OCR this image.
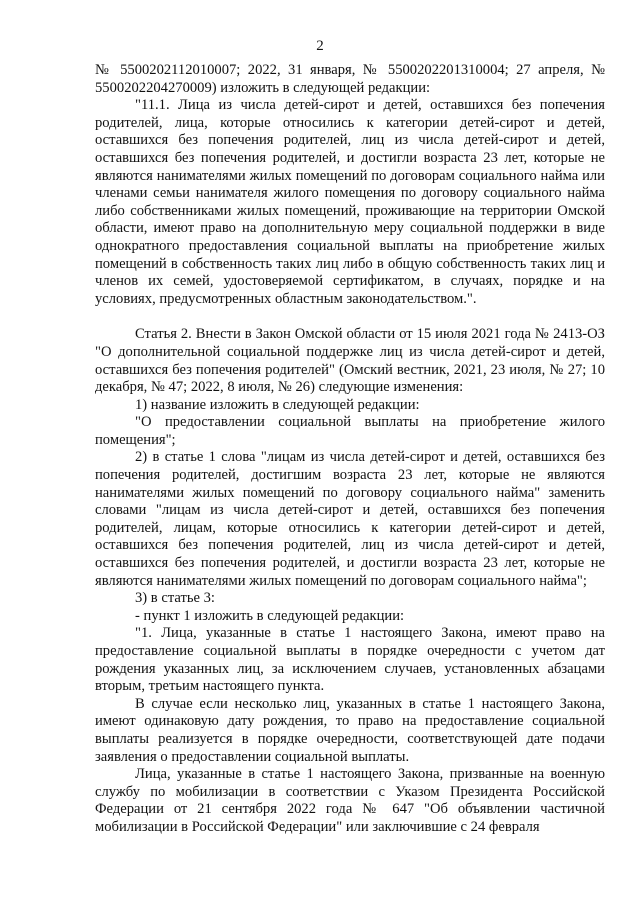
2

№ 5500202112010007; 2022, 31 января, № 5500202201310004; 27 апреля, № 5500202204270009) изложить в следующей редакции:

"11.1. Лица из числа детей-сирот и детей, оставшихся без попечения родителей, лица, которые относились к категории детей-сирот и детей, оставшихся без попечения родителей, лиц из числа детей-сирот и детей, оставшихся без попечения родителей, и достигли возраста 23 лет, которые не являются нанимателями жилых помещений по договорам социального найма или членами семьи нанимателя жилого помещения по договору социального найма либо собственниками жилых помещений, проживающие на территории Омской области, имеют право на дополнительную меру социальной поддержки в виде однократного предоставления социальной выплаты на приобретение жилых помещений в собственность таких лиц либо в общую собственность таких лиц и членов их семей, удостоверяемой сертификатом, в случаях, порядке и на условиях, предусмотренных областным законодательством.".

Статья 2. Внести в Закон Омской области от 15 июля 2021 года № 2413-ОЗ "О дополнительной социальной поддержке лиц из числа детей-сирот и детей, оставшихся без попечения родителей" (Омский вестник, 2021, 23 июля, № 27; 10 декабря, № 47; 2022, 8 июля, № 26) следующие изменения:

1) название изложить в следующей редакции:

"О предоставлении социальной выплаты на приобретение жилого помещения";

2) в статье 1 слова "лицам из числа детей-сирот и детей, оставшихся без попечения родителей, достигшим возраста 23 лет, которые не являются нанимателями жилых помещений по договору социального найма" заменить словами "лицам из числа детей-сирот и детей, оставшихся без попечения родителей, лицам, которые относились к категории детей-сирот и детей, оставшихся без попечения родителей, лиц из числа детей-сирот и детей, оставшихся без попечения родителей, и достигли возраста 23 лет, которые не являются нанимателями жилых помещений по договорам социального найма";

3) в статье 3:

- пункт 1 изложить в следующей редакции:

"1. Лица, указанные в статье 1 настоящего Закона, имеют право на предоставление социальной выплаты в порядке очередности с учетом дат рождения указанных лиц, за исключением случаев, установленных абзацами вторым, третьим настоящего пункта.

В случае если несколько лиц, указанных в статье 1 настоящего Закона, имеют одинаковую дату рождения, то право на предоставление социальной выплаты реализуется в порядке очередности, соответствующей дате подачи заявления о предоставлении социальной выплаты.

Лица, указанные в статье 1 настоящего Закона, призванные на военную службу по мобилизации в соответствии с Указом Президента Российской Федерации от 21 сентября 2022 года № 647 "Об объявлении частичной мобилизации в Российской Федерации" или заключившие с 24 февраля
